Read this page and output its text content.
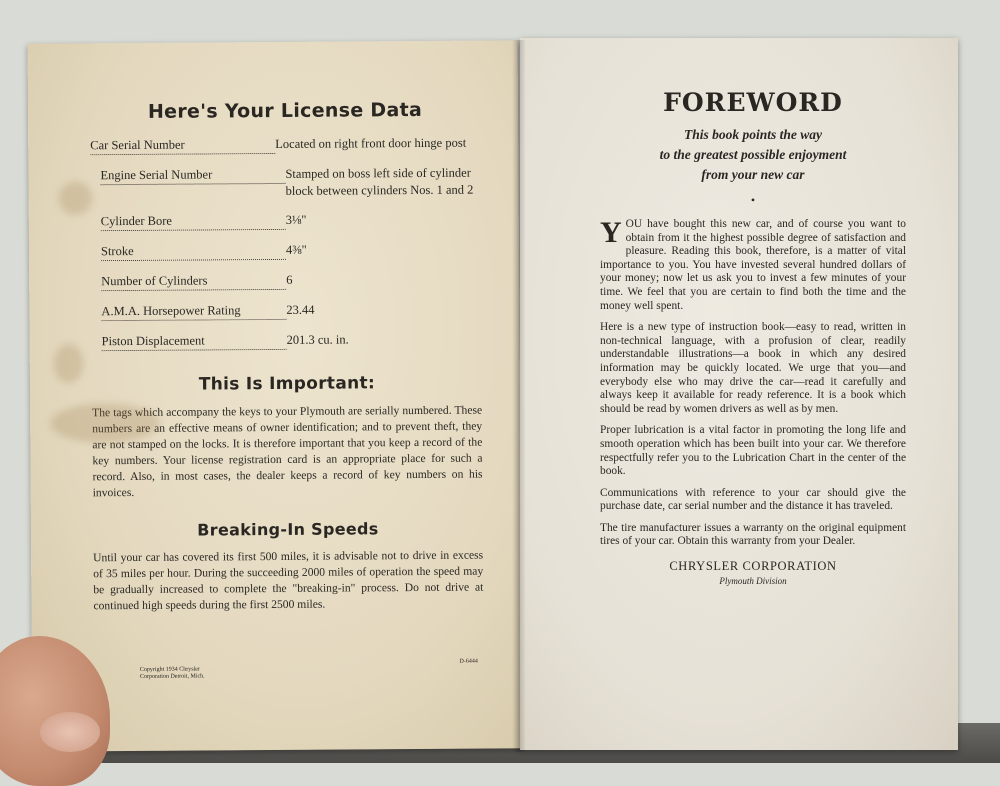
Here's Your License Data
Car Serial Number	Located on right front door hinge post
Engine Serial Number	Stamped on boss left side of cylinder block between cylinders Nos. 1 and 2
Cylinder Bore	3⅛"
Stroke	4⅜"
Number of Cylinders	6
A.M.A. Horsepower Rating	23.44
Piston Displacement	201.3 cu. in.
This Is Important:

The tags which accompany the keys to your Plymouth are serially numbered. These numbers are an effective means of owner identification; and to prevent theft, they are not stamped on the locks. It is therefore important that you keep a record of the key numbers. Your license registration card is an appropriate place for such a record. Also, in most cases, the dealer keeps a record of key numbers on his invoices.

Breaking-In Speeds

Until your car has covered its first 500 miles, it is advisable not to drive in excess of 35 miles per hour. During the succeeding 2000 miles of operation the speed may be gradually increased to complete the "breaking-in" process. Do not drive at continued high speeds during the first 2500 miles.

Copyright 1934 Chrysler Corporation Detroit, Mich.
D-6444
FOREWORD

This book points the way

to the greatest possible enjoyment

from your new car

•

YOU have bought this new car, and of course you want to obtain from it the highest possible degree of satisfaction and pleasure. Reading this book, therefore, is a matter of vital importance to you. You have invested several hundred dollars of your money; now let us ask you to invest a few minutes of your time. We feel that you are certain to find both the time and the money well spent.

Here is a new type of instruction book—easy to read, written in non-technical language, with a profusion of clear, readily understandable illustrations—a book in which any desired information may be quickly located. We urge that you—and everybody else who may drive the car—read it carefully and always keep it available for ready reference. It is a book which should be read by women drivers as well as by men.

Proper lubrication is a vital factor in promoting the long life and smooth operation which has been built into your car. We therefore respectfully refer you to the Lubrication Chart in the center of the book.

Communications with reference to your car should give the purchase date, car serial number and the distance it has traveled.

The tire manufacturer issues a warranty on the original equipment tires of your car. Obtain this warranty from your Dealer.

CHRYSLER CORPORATION
Plymouth Division
